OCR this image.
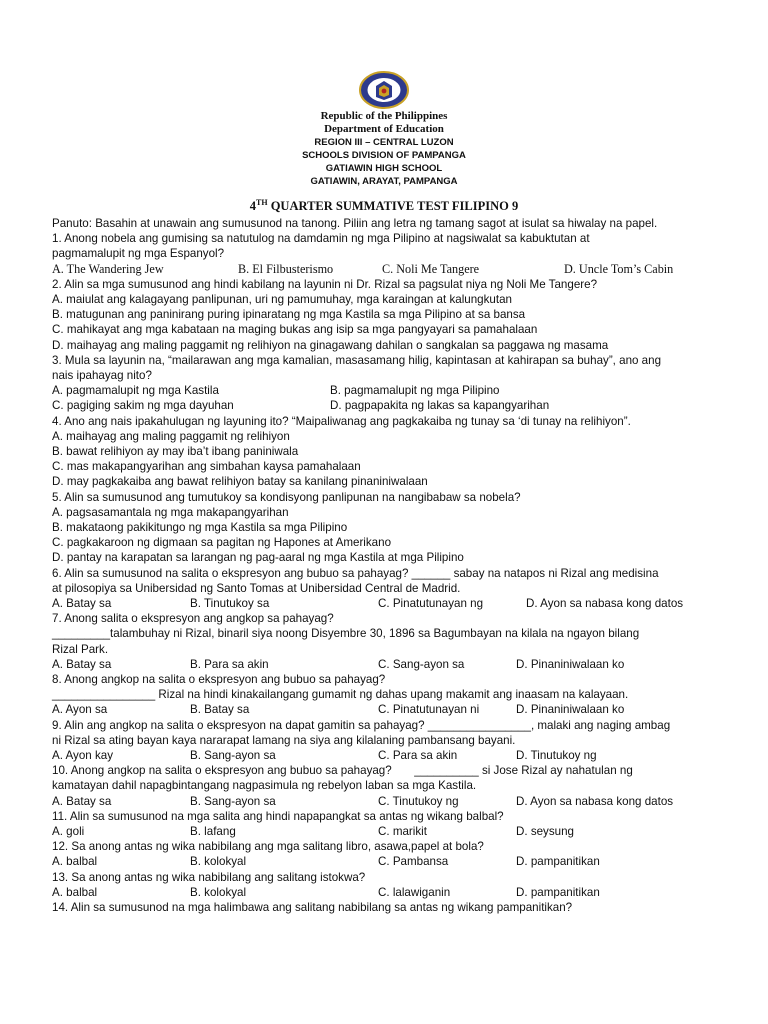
Republic of the Philippines
Department of Education
REGION III – CENTRAL LUZON
SCHOOLS DIVISION OF PAMPANGA
GATIAWIN HIGH SCHOOL
GATIAWIN, ARAYAT, PAMPANGA
4TH QUARTER SUMMATIVE TEST FILIPINO 9

Panuto: Basahin at unawain ang sumusunod na tanong. Piliin ang letra ng tamang sagot at isulat sa hiwalay na papel.

1. Anong nobela ang gumising sa natutulog na damdamin ng mga Pilipino at nagsiwalat sa kabuktutan at

pagmamalupit ng mga Espanyol?

A. The Wandering Jew	B. El Filbusterismo	C. Noli Me Tangere	D. Uncle Tom’s Cabin

2. Alin sa mga sumusunod ang hindi kabilang na layunin ni Dr. Rizal sa pagsulat niya ng Noli Me Tangere?

A. maiulat ang kalagayang panlipunan, uri ng pamumuhay, mga karaingan at kalungkutan

B. matugunan ang paninirang puring ipinaratang ng mga Kastila sa mga Pilipino at sa bansa

C. mahikayat ang mga kabataan na maging bukas ang isip sa mga pangyayari sa pamahalaan

D. maihayag ang maling paggamit ng relihiyon na ginagawang dahilan o sangkalan sa paggawa ng masama

3. Mula sa layunin na, “mailarawan ang mga kamalian, masasamang hilig, kapintasan at kahirapan sa buhay”, ano ang

nais ipahayag nito?

A. pagmamalupit ng mga Kastila	B. pagmamalupit ng mga Pilipino
C. pagiging sakim ng mga dayuhan	D. pagpapakita ng lakas sa kapangyarihan

4. Ano ang nais ipakahulugan ng layuning ito? “Maipaliwanag ang pagkakaiba ng tunay sa ‘di tunay na relihiyon”.

A. maihayag ang maling paggamit ng relihiyon

B. bawat relihiyon ay may iba’t ibang paniniwala

C. mas makapangyarihan ang simbahan kaysa pamahalaan

D. may pagkakaiba ang bawat relihiyon batay sa kanilang pinaniniwalaan

5. Alin sa sumusunod ang tumutukoy sa kondisyong panlipunan na nangibabaw sa nobela?

A. pagsasamantala ng mga makapangyarihan

B. makataong pakikitungo ng mga Kastila sa mga Pilipino

C. pagkakaroon ng digmaan sa pagitan ng Hapones at Amerikano

D. pantay na karapatan sa larangan ng pag-aaral ng mga Kastila at mga Pilipino

6. Alin sa sumusunod na salita o ekspresyon ang bubuo sa pahayag? ______ sabay na natapos ni Rizal ang medisina

at pilosopiya sa Unibersidad ng Santo Tomas at Unibersidad Central de Madrid.

A. Batay sa	B. Tinutukoy sa	C. Pinatutunayan ng	D. Ayon sa nabasa kong datos

7. Anong salita o ekspresyon ang angkop sa pahayag?

_________talambuhay ni Rizal, binaril siya noong Disyembre 30, 1896 sa Bagumbayan na kilala na ngayon bilang

Rizal Park.

A. Batay sa	B. Para sa akin	C. Sang-ayon sa	D. Pinaniniwalaan ko

8. Anong angkop na salita o ekspresyon ang bubuo sa pahayag?

________________ Rizal na hindi kinakailangang gumamit ng dahas upang makamit ang inaasam na kalayaan.

A. Ayon sa	B. Batay sa	C. Pinatutunayan ni	D. Pinaniniwalaan ko

9. Alin ang angkop na salita o ekspresyon na dapat gamitin sa pahayag? ________________, malaki ang naging ambag

ni Rizal sa ating bayan kaya nararapat lamang na siya ang kilalaning pambansang bayani.

A. Ayon kay	B. Sang-ayon sa	C. Para sa akin	D. Tinutukoy ng

10. Anong angkop na salita o ekspresyon ang bubuo sa pahayag?       __________ si Jose Rizal ay nahatulan ng

kamatayan dahil napagbintangang nagpasimula ng rebelyon laban sa mga Kastila.

A. Batay sa	B. Sang-ayon sa	C. Tinutukoy ng	D. Ayon sa nabasa kong datos

11. Alin sa sumusunod na mga salita ang hindi napapangkat sa antas ng wikang balbal?

A. goli	B. lafang	C. marikit	D. seysung

12. Sa anong antas ng wika nabibilang ang mga salitang libro, asawa,papel at bola?

A. balbal	B. kolokyal	C. Pambansa	D. pampanitikan

13. Sa anong antas ng wika nabibilang ang salitang istokwa?

A. balbal	B. kolokyal	C. lalawiganin	D. pampanitikan

14. Alin sa sumusunod na mga halimbawa ang salitang nabibilang sa antas ng wikang pampanitikan?
